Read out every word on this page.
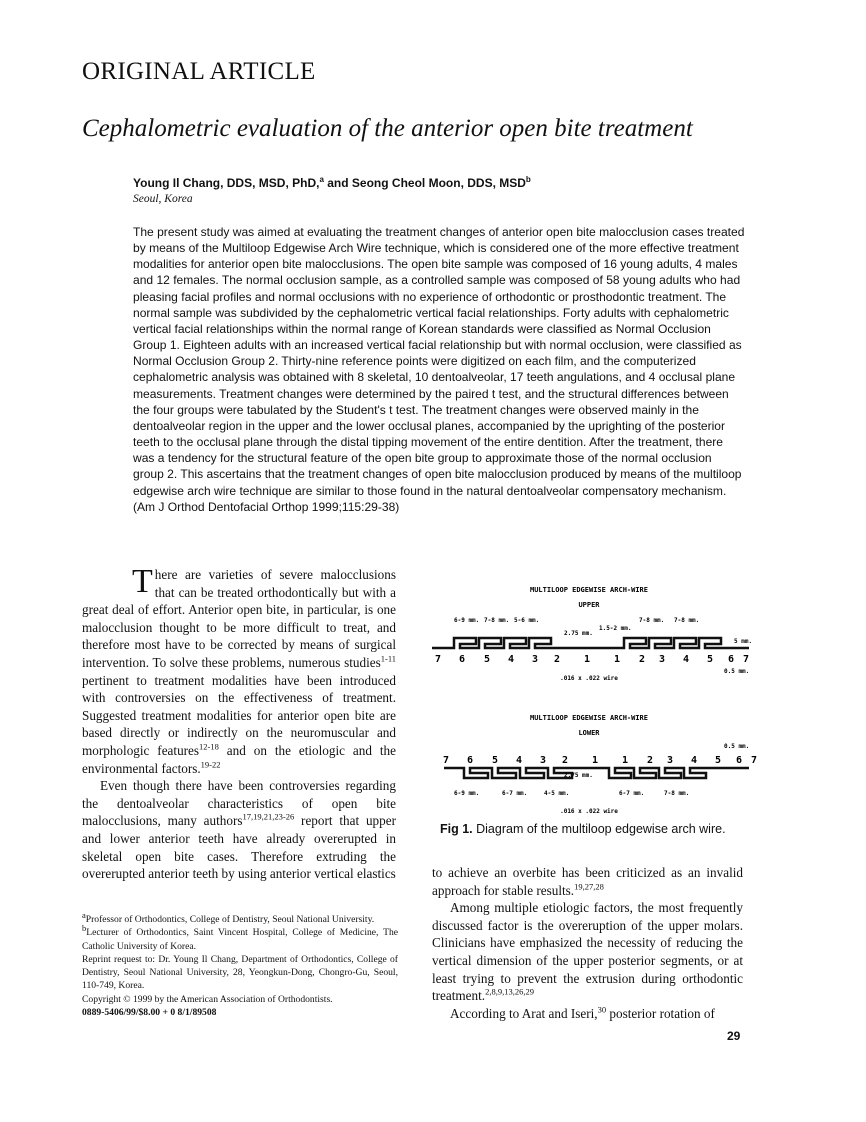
ORIGINAL ARTICLE
Cephalometric evaluation of the anterior open bite treatment
Young Il Chang, DDS, MSD, PhD,$^a$ and Seong Cheol Moon, DDS, MSD$^b$
Seoul, Korea
The present study was aimed at evaluating the treatment changes of anterior open bite malocclusion cases treated by means of the Multiloop Edgewise Arch Wire technique, which is considered one of the more effective treatment modalities for anterior open bite malocclusions. The open bite sample was composed of 16 young adults, 4 males and 12 females. The normal occlusion sample, as a controlled sample was composed of 58 young adults who had pleasing facial profiles and normal occlusions with no experience of orthodontic or prosthodontic treatment. The normal sample was subdivided by the cephalometric vertical facial relationships. Forty adults with cephalometric vertical facial relationships within the normal range of Korean standards were classified as Normal Occlusion Group 1. Eighteen adults with an increased vertical facial relationship but with normal occlusion, were classified as Normal Occlusion Group 2. Thirty-nine reference points were digitized on each film, and the computerized cephalometric analysis was obtained with 8 skeletal, 10 dentoalveolar, 17 teeth angulations, and 4 occlusal plane measurements. Treatment changes were determined by the paired t test, and the structural differences between the four groups were tabulated by the Student's t test. The treatment changes were observed mainly in the dentoalveolar region in the upper and the lower occlusal planes, accompanied by the uprighting of the posterior teeth to the occlusal plane through the distal tipping movement of the entire dentition. After the treatment, there was a tendency for the structural feature of the open bite group to approximate those of the normal occlusion group 2. This ascertains that the treatment changes of open bite malocclusion produced by means of the multiloop edgewise arch wire technique are similar to those found in the natural dentoalveolar compensatory mechanism. (Am J Orthod Dentofacial Orthop 1999;115:29-38)

There are varieties of severe malocclusions that can be treated orthodontically but with a great deal of effort. Anterior open bite, in particular, is one malocclusion thought to be more difficult to treat, and therefore most have to be corrected by means of surgical intervention. To solve these problems, numerous studies$^{1-11}$ pertinent to treatment modalities have been introduced with controversies on the effectiveness of treatment. Suggested treatment modalities for anterior open bite are based directly or indirectly on the neuromuscular and morphologic features$^{12-18}$ and on the etiologic and the environmental factors.$^{19-22}$

Even though there have been controversies regarding the dentoalveolar characteristics of open bite malocclusions, many authors$^{17,19,21,23-26}$ report that upper and lower anterior teeth have already overerupted in skeletal open bite cases. Therefore extruding the overerupted anterior teeth by using anterior vertical elastics	to achieve an overbite has been criticized as an invalid approach for stable results.$^{19,27,28}$

Among multiple etiologic factors, the most frequently discussed factor is the overeruption of the upper molars. Clinicians have emphasized the necessity of reducing the vertical dimension of the upper posterior segments, or at least trying to prevent the extrusion during orthodontic treatment.$^{2,8,9,13,26,29}$

According to Arat and Iseri,$^{30}$ posterior rotation of

$^a$Professor of Orthodontics, College of Dentistry, Seoul National University.
$^b$Lecturer of Orthodontics, Saint Vincent Hospital, College of Medicine, The Catholic University of Korea.
Reprint request to: Dr. Young Il Chang, Department of Orthodontics, College of Dentistry, Seoul National University, 28, Yeongkun-Dong, Chongro-Gu, Seoul, 110-749, Korea.
Copyright © 1999 by the American Association of Orthodontists.
0889-5406/99/$8.00 + 0 8/1/89508
MULTILOOP EDGEWISE ARCH-WIRE
UPPER
MULTILOOP EDGEWISE ARCH-WIRE
LOWER
7 6 5 4 3 2 1 1 2 3 4 5 6 7
7 6 5 4 3 2 1 1 2 3 4 5 6 7
6-9 mm. 7-8 mm. 5-6 mm.
2.75 mm.
1.5-2 mm.
7-8 mm. 7-8 mm.
5 mm.
0.5 mm.
0.5 mm.
2.75 mm.
6-9 mm.	6-7 mm.	4-5 mm.	6-7 mm.	7-8 mm.
.016 x .022 wire
.016 x .022 wire
Fig 1. Diagram of the multiloop edgewise arch wire.
29
